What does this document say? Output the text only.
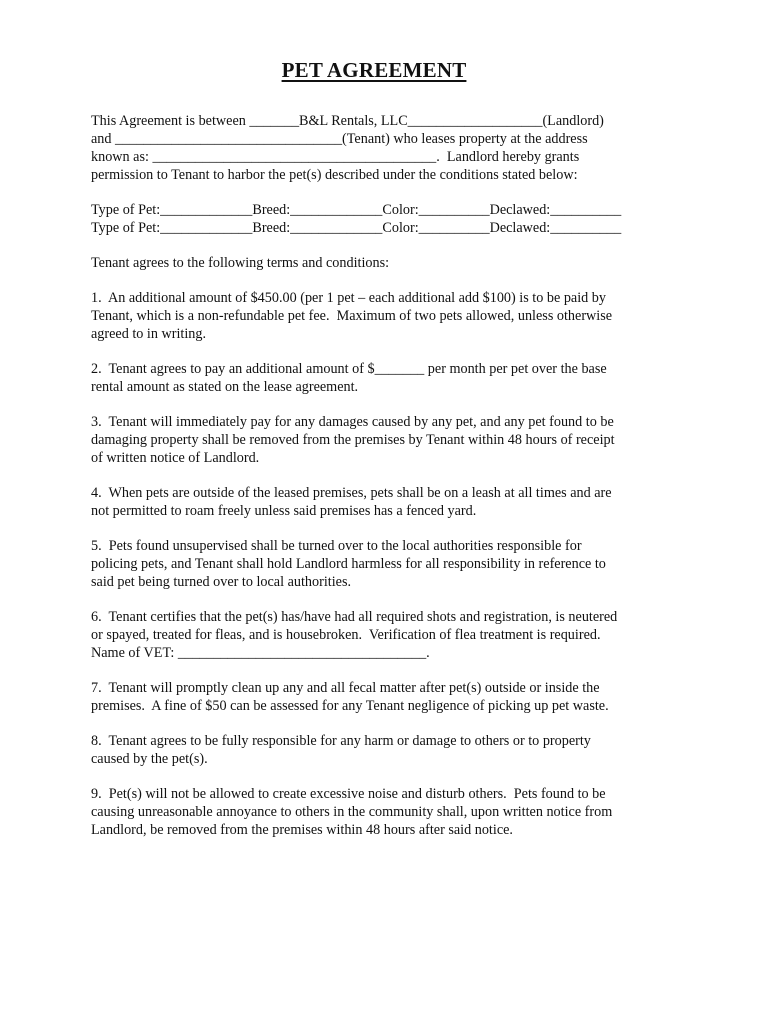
PET AGREEMENT
This Agreement is between _______B&L Rentals, LLC___________________(Landlord)
and ________________________________(Tenant) who leases property at the address
known as: ________________________________________.  Landlord hereby grants
permission to Tenant to harbor the pet(s) described under the conditions stated below:
Type of Pet:_____________Breed:_____________Color:__________Declawed:__________
Type of Pet:_____________Breed:_____________Color:__________Declawed:__________
Tenant agrees to the following terms and conditions:
1.  An additional amount of $450.00 (per 1 pet – each additional add $100) is to be paid by
Tenant, which is a non-refundable pet fee.  Maximum of two pets allowed, unless otherwise
agreed to in writing.
2.  Tenant agrees to pay an additional amount of $_______ per month per pet over the base
rental amount as stated on the lease agreement.
3.  Tenant will immediately pay for any damages caused by any pet, and any pet found to be
damaging property shall be removed from the premises by Tenant within 48 hours of receipt
of written notice of Landlord.
4.  When pets are outside of the leased premises, pets shall be on a leash at all times and are
not permitted to roam freely unless said premises has a fenced yard.
5.  Pets found unsupervised shall be turned over to the local authorities responsible for
policing pets, and Tenant shall hold Landlord harmless for all responsibility in reference to
said pet being turned over to local authorities.
6.  Tenant certifies that the pet(s) has/have had all required shots and registration, is neutered
or spayed, treated for fleas, and is housebroken.  Verification of flea treatment is required.
Name of VET: ___________________________________.
7.  Tenant will promptly clean up any and all fecal matter after pet(s) outside or inside the
premises.  A fine of $50 can be assessed for any Tenant negligence of picking up pet waste.
8.  Tenant agrees to be fully responsible for any harm or damage to others or to property
caused by the pet(s).
9.  Pet(s) will not be allowed to create excessive noise and disturb others.  Pets found to be
causing unreasonable annoyance to others in the community shall, upon written notice from
Landlord, be removed from the premises within 48 hours after said notice.
